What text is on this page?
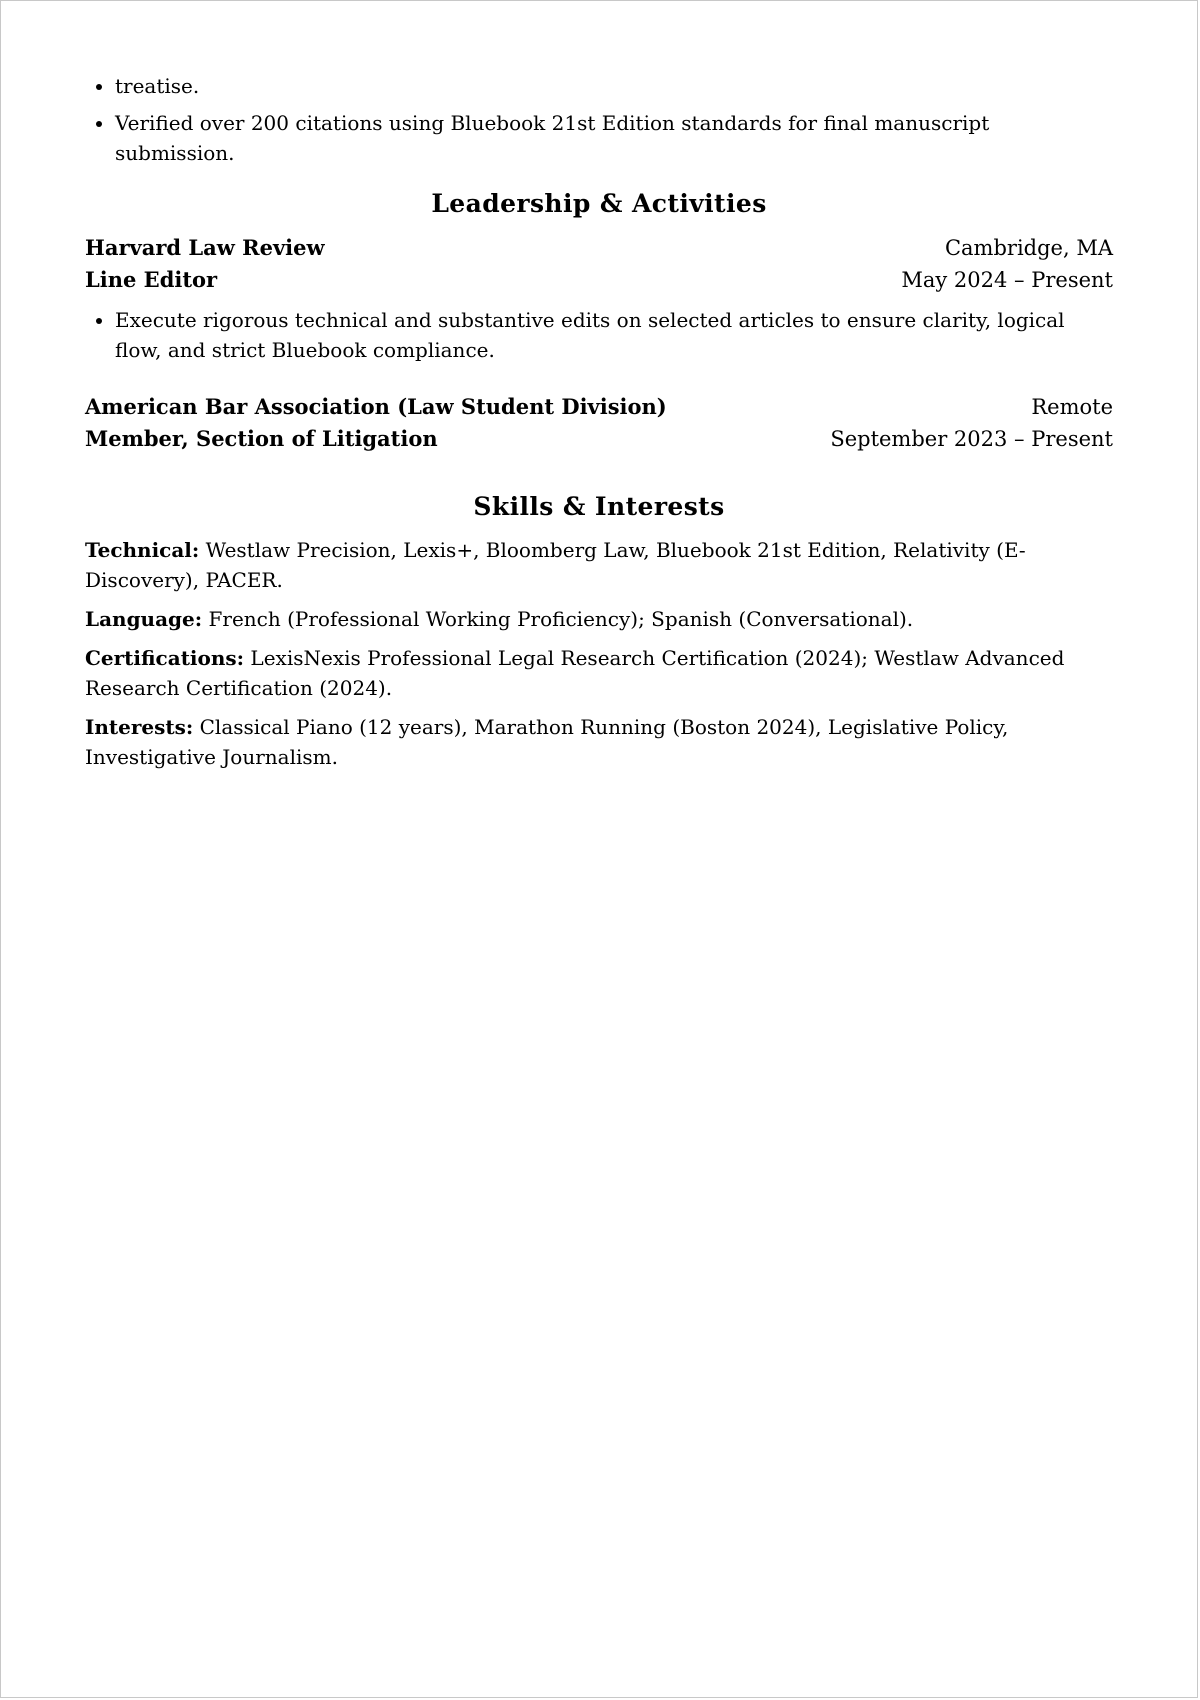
• treatise.
• Verified over 200 citations using Bluebook 21st Edition standards for final manuscript submission.
Leadership & Activities
Harvard Law Review	Cambridge, MA
Line Editor	May 2024 – Present
• Execute rigorous technical and substantive edits on selected articles to ensure clarity, logical flow, and strict Bluebook compliance.
American Bar Association (Law Student Division)	Remote
Member, Section of Litigation	September 2023 – Present
Skills & Interests

Technical: Westlaw Precision, Lexis+, Bloomberg Law, Bluebook 21st Edition, Relativity (E-Discovery), PACER.

Language: French (Professional Working Proficiency); Spanish (Conversational).

Certifications: LexisNexis Professional Legal Research Certification (2024); Westlaw Advanced Research Certification (2024).

Interests: Classical Piano (12 years), Marathon Running (Boston 2024), Legislative Policy, Investigative Journalism.
